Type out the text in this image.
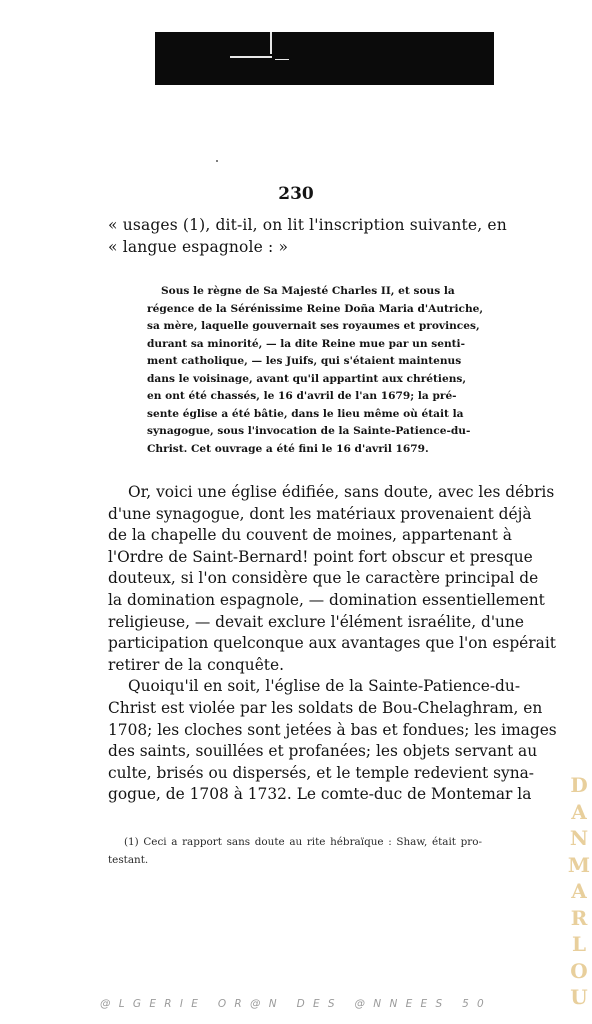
230
« usages (1), dit-il, on lit l'inscription suivante, en
« langue espagnole : »
Sous le règne de Sa Majesté Charles II, et sous la
régence de la Sérénissime Reine Doña Maria d'Autriche,
sa mère, laquelle gouvernait ses royaumes et provinces,
durant sa minorité, — la dite Reine mue par un senti-
ment catholique, — les Juifs, qui s'étaient maintenus
dans le voisinage, avant qu'il appartint aux chrétiens,
en ont été chassés, le 16 d'avril de l'an 1679; la pré-
sente église a été bâtie, dans le lieu même où était la
synagogue, sous l'invocation de la Sainte-Patience-du-
Christ. Cet ouvrage a été fini le 16 d'avril 1679.
Or, voici une église édifiée, sans doute, avec les débris
d'une synagogue, dont les matériaux provenaient déjà
de la chapelle du couvent de moines, appartenant à
l'Ordre de Saint-Bernard! point fort obscur et presque
douteux, si l'on considère que le caractère principal de
la domination espagnole, — domination essentiellement
religieuse, — devait exclure l'élément israélite, d'une
participation quelconque aux avantages que l'on espérait
retirer de la conquête.
Quoiqu'il en soit, l'église de la Sainte-Patience-du-
Christ est violée par les soldats de Bou-Chelaghram, en
1708; les cloches sont jetées à bas et fondues; les images
des saints, souillées et profanées; les objets servant au
culte, brisés ou dispersés, et le temple redevient syna-
gogue, de 1708 à 1732. Le comte-duc de Montemar la
(1) Ceci a rapport sans doute au rite hébraïque : Shaw, était pro-
testant.
DANMARLOU
@LGERIE OR@N DES @NNEES 50
